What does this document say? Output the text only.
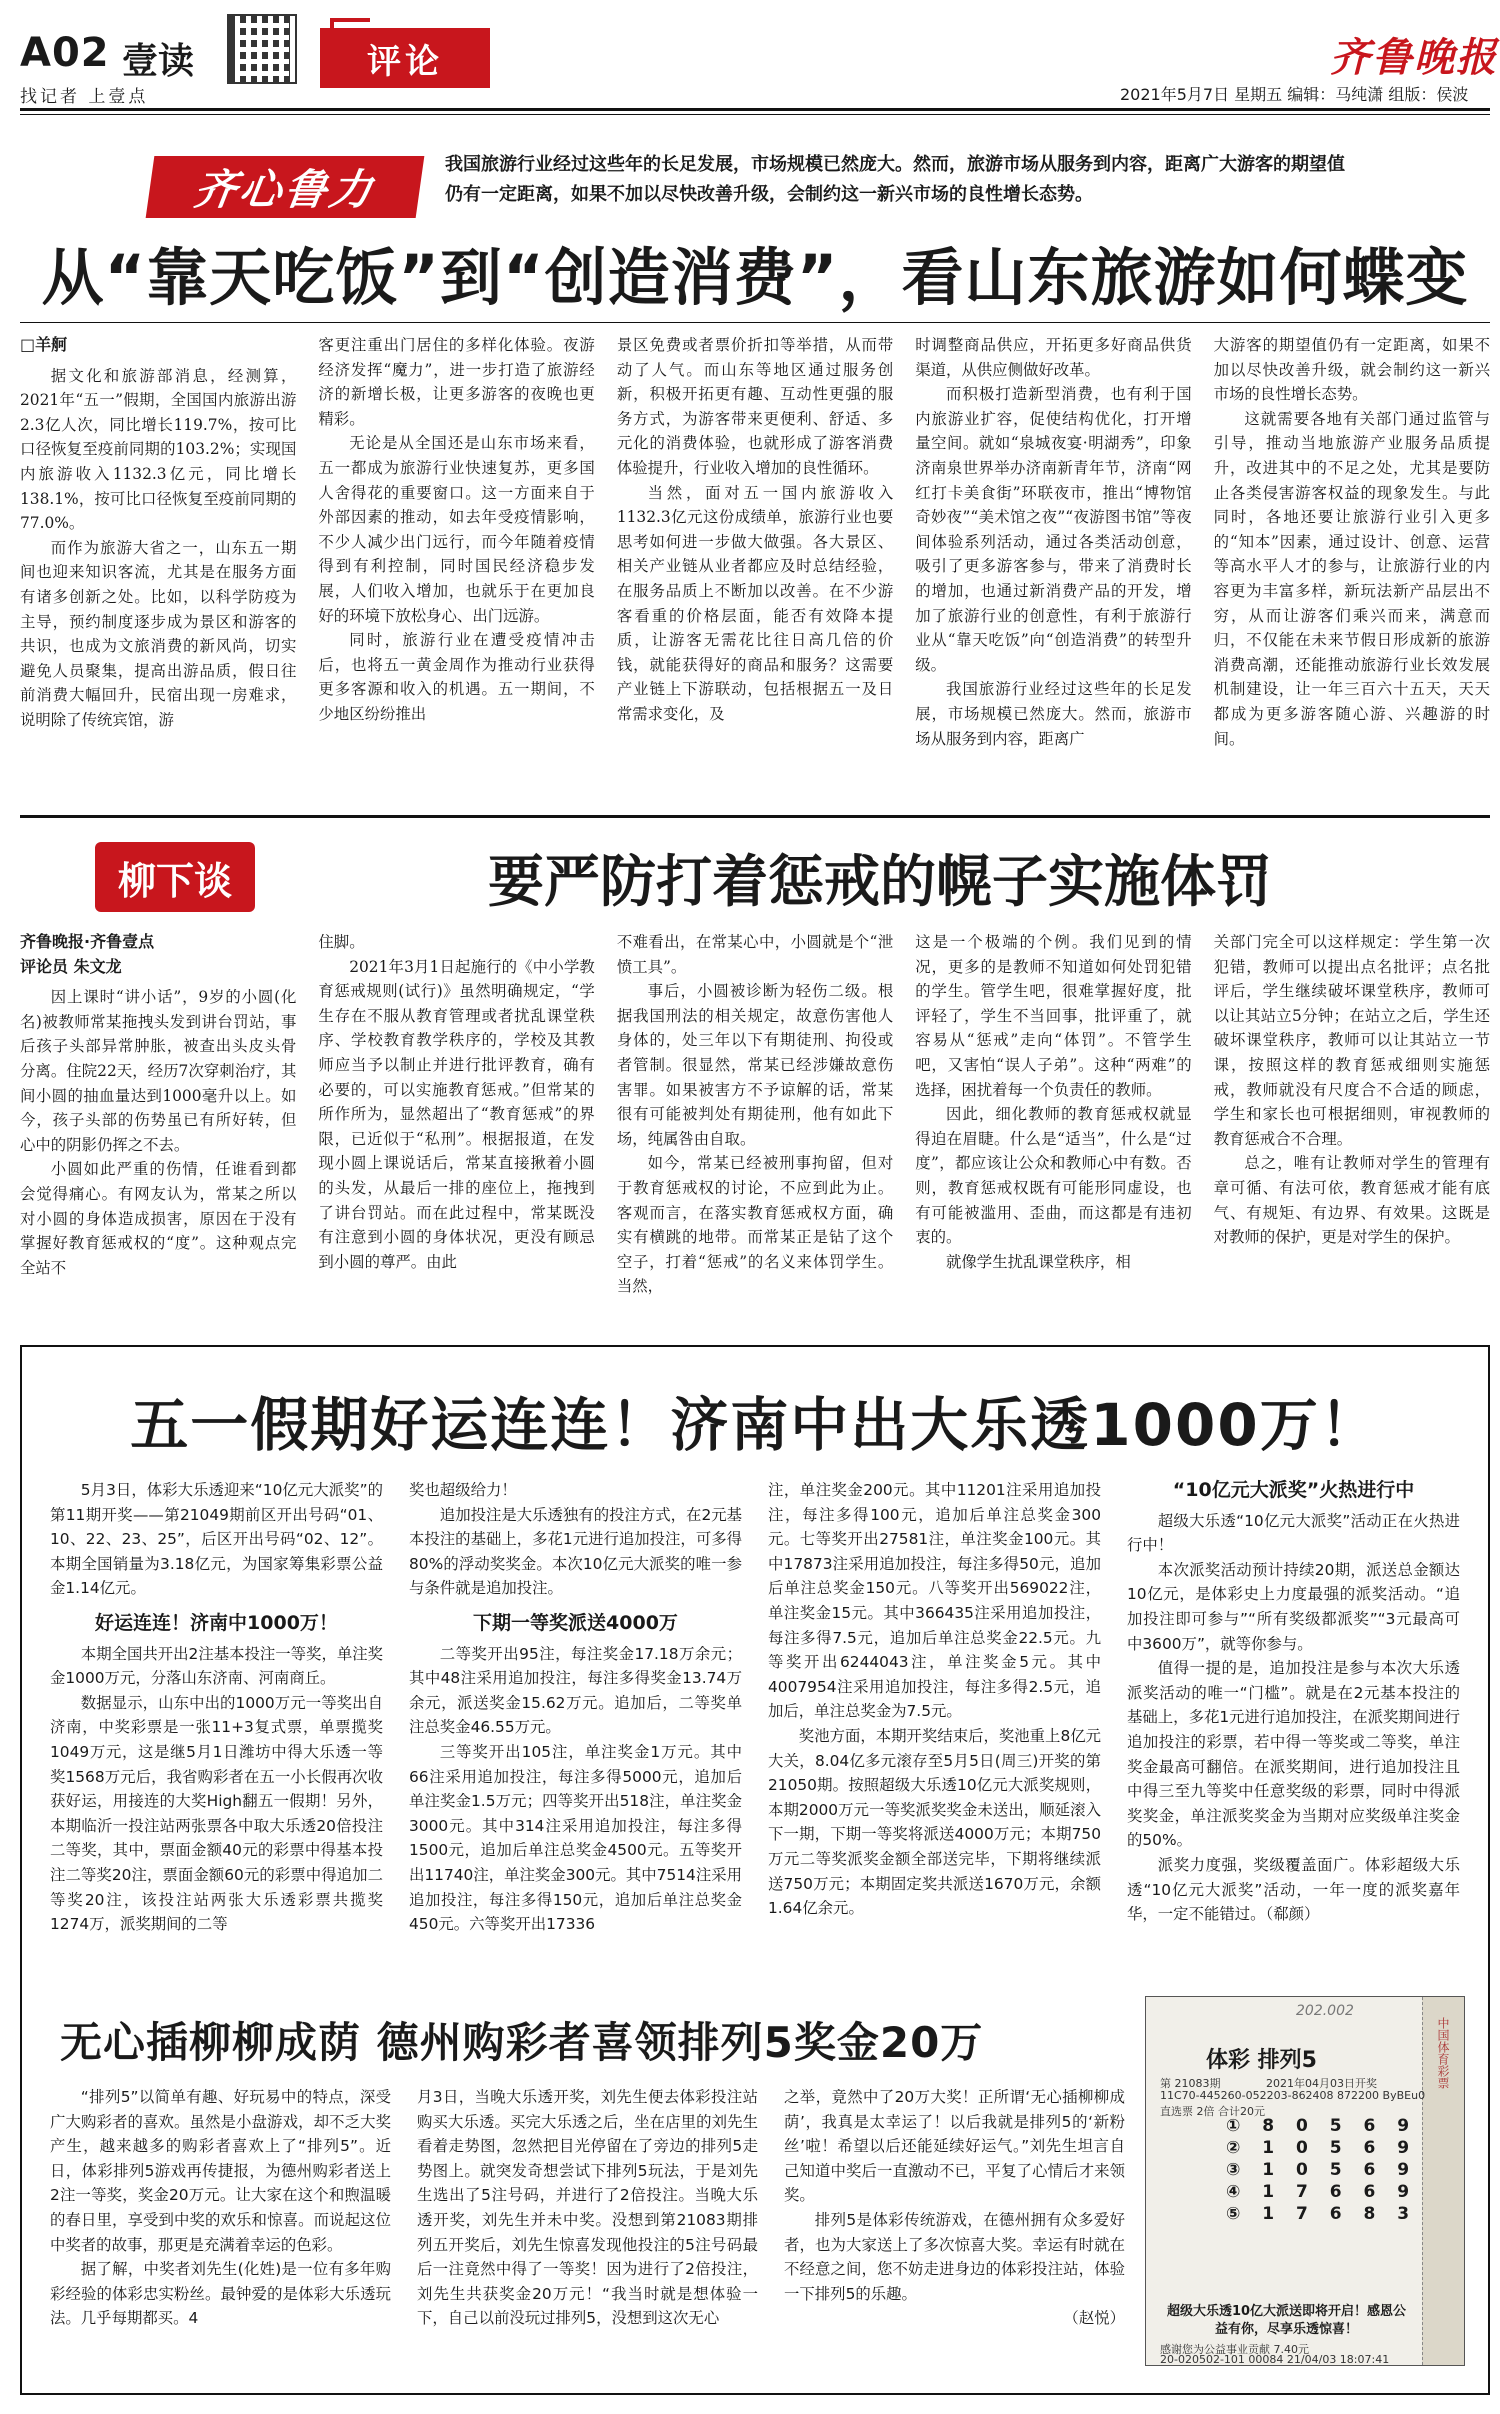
A02 壹读
找记者 上壹点
评论	齐鲁晚报
2021年5月7日 星期五 编辑：马纯潇 组版：侯波
齐心鲁力
我国旅游行业经过这些年的长足发展，市场规模已然庞大。然而，旅游市场从服务到内容，距离广大游客的期望值仍有一定距离，如果不加以尽快改善升级，会制约这一新兴市场的良性增长态势。
从“靠天吃饭”到“创造消费”，看山东旅游如何蝶变
□羊舸

据文化和旅游部消息，经测算，2021年“五一”假期，全国国内旅游出游2.3亿人次，同比增长119.7%，按可比口径恢复至疫前同期的103.2%；实现国内旅游收入1132.3亿元，同比增长138.1%，按可比口径恢复至疫前同期的77.0%。

而作为旅游大省之一，山东五一期间也迎来知识客流，尤其是在服务方面有诸多创新之处。比如，以科学防疫为主导，预约制度逐步成为景区和游客的共识，也成为文旅消费的新风尚，切实避免人员聚集，提高出游品质，假日往前消费大幅回升，民宿出现一房难求，说明除了传统宾馆，游

客更注重出门居住的多样化体验。夜游经济发挥“魔力”，进一步打造了旅游经济的新增长极，让更多游客的夜晚也更精彩。

无论是从全国还是山东市场来看，五一都成为旅游行业快速复苏，更多国人舍得花的重要窗口。这一方面来自于外部因素的推动，如去年受疫情影响，不少人减少出门远行，而今年随着疫情得到有利控制，同时国民经济稳步发展，人们收入增加，也就乐于在更加良好的环境下放松身心、出门远游。

同时，旅游行业在遭受疫情冲击后，也将五一黄金周作为推动行业获得更多客源和收入的机遇。五一期间，不少地区纷纷推出

景区免费或者票价折扣等举措，从而带动了人气。而山东等地区通过服务创新，积极开拓更有趣、互动性更强的服务方式，为游客带来更便利、舒适、多元化的消费体验，也就形成了游客消费体验提升，行业收入增加的良性循环。

当然，面对五一国内旅游收入1132.3亿元这份成绩单，旅游行业也要思考如何进一步做大做强。各大景区、相关产业链从业者都应及时总结经验，在服务品质上不断加以改善。在不少游客看重的价格层面，能否有效降本提质，让游客无需花比往日高几倍的价钱，就能获得好的商品和服务？这需要产业链上下游联动，包括根据五一及日常需求变化，及

时调整商品供应，开拓更多好商品供货渠道，从供应侧做好改革。

而积极打造新型消费，也有利于国内旅游业扩容，促使结构优化，打开增量空间。就如“泉城夜宴·明湖秀”，印象济南泉世界举办济南新青年节，济南“网红打卡美食街”环联夜市，推出“博物馆奇妙夜”“美术馆之夜”“夜游图书馆”等夜间体验系列活动，通过各类活动创意，吸引了更多游客参与，带来了消费时长的增加，也通过新消费产品的开发，增加了旅游行业的创意性，有利于旅游行业从“靠天吃饭”向“创造消费”的转型升级。

我国旅游行业经过这些年的长足发展，市场规模已然庞大。然而，旅游市场从服务到内容，距离广

大游客的期望值仍有一定距离，如果不加以尽快改善升级，就会制约这一新兴市场的良性增长态势。

这就需要各地有关部门通过监管与引导，推动当地旅游产业服务品质提升，改进其中的不足之处，尤其是要防止各类侵害游客权益的现象发生。与此同时，各地还要让旅游行业引入更多的“知本”因素，通过设计、创意、运营等高水平人才的参与，让旅游行业的内容更为丰富多样，新玩法新产品层出不穷，从而让游客们乘兴而来，满意而归，不仅能在未来节假日形成新的旅游消费高潮，还能推动旅游行业长效发展机制建设，让一年三百六十五天，天天都成为更多游客随心游、兴趣游的时间。

柳下谈	要严防打着惩戒的幌子实施体罚
齐鲁晚报·齐鲁壹点
评论员 朱文龙

因上课时“讲小话”，9岁的小圆(化名)被教师常某拖拽头发到讲台罚站，事后孩子头部异常肿胀，被查出头皮头骨分离。住院22天，经历7次穿刺治疗，其间小圆的抽血量达到1000毫升以上。如今，孩子头部的伤势虽已有所好转，但心中的阴影仍挥之不去。

小圆如此严重的伤情，任谁看到都会觉得痛心。有网友认为，常某之所以对小圆的身体造成损害，原因在于没有掌握好教育惩戒权的“度”。这种观点完全站不

住脚。

2021年3月1日起施行的《中小学教育惩戒规则(试行)》虽然明确规定，“学生存在不服从教育管理或者扰乱课堂秩序、学校教育教学秩序的，学校及其教师应当予以制止并进行批评教育，确有必要的，可以实施教育惩戒。”但常某的所作所为，显然超出了“教育惩戒”的界限，已近似于“私刑”。根据报道，在发现小圆上课说话后，常某直接揪着小圆的头发，从最后一排的座位上，拖拽到了讲台罚站。而在此过程中，常某既没有注意到小圆的身体状况，更没有顾忌到小圆的尊严。由此

不难看出，在常某心中，小圆就是个“泄愤工具”。

事后，小圆被诊断为轻伤二级。根据我国刑法的相关规定，故意伤害他人身体的，处三年以下有期徒刑、拘役或者管制。很显然，常某已经涉嫌故意伤害罪。如果被害方不予谅解的话，常某很有可能被判处有期徒刑，他有如此下场，纯属咎由自取。

如今，常某已经被刑事拘留，但对于教育惩戒权的讨论，不应到此为止。客观而言，在落实教育惩戒权方面，确实有横跳的地带。而常某正是钻了这个空子，打着“惩戒”的名义来体罚学生。当然，

这是一个极端的个例。我们见到的情况，更多的是教师不知道如何处罚犯错的学生。管学生吧，很难掌握好度，批评轻了，学生不当回事，批评重了，就容易从“惩戒”走向“体罚”。不管学生吧，又害怕“误人子弟”。这种“两难”的选择，困扰着每一个负责任的教师。

因此，细化教师的教育惩戒权就显得迫在眉睫。什么是“适当”，什么是“过度”，都应该让公众和教师心中有数。否则，教育惩戒权既有可能形同虚设，也有可能被滥用、歪曲，而这都是有违初衷的。

就像学生扰乱课堂秩序，相

关部门完全可以这样规定：学生第一次犯错，教师可以提出点名批评；点名批评后，学生继续破坏课堂秩序，教师可以让其站立5分钟；在站立之后，学生还破坏课堂秩序，教师可以让其站立一节课，按照这样的教育惩戒细则实施惩戒，教师就没有尺度合不合适的顾虑，学生和家长也可根据细则，审视教师的教育惩戒合不合理。

总之，唯有让教师对学生的管理有章可循、有法可依，教育惩戒才能有底气、有规矩、有边界、有效果。这既是对教师的保护，更是对学生的保护。

五一假期好运连连！济南中出大乐透1000万！

5月3日，体彩大乐透迎来“10亿元大派奖”的第11期开奖——第21049期前区开出号码“01、10、22、23、25”，后区开出号码“02、12”。本期全国销量为3.18亿元，为国家筹集彩票公益金1.14亿元。

好运连连！济南中1000万！

本期全国共开出2注基本投注一等奖，单注奖金1000万元，分落山东济南、河南商丘。

数据显示，山东中出的1000万元一等奖出自济南，中奖彩票是一张11+3复式票，单票揽奖1049万元，这是继5月1日潍坊中得大乐透一等奖1568万元后，我省购彩者在五一小长假再次收获好运，用接连的大奖High翻五一假期！另外，本期临沂一投注站两张票各中取大乐透20倍投注二等奖，其中，票面金额40元的彩票中得基本投注二等奖20注，票面金额60元的彩票中得追加二等奖20注，该投注站两张大乐透彩票共揽奖1274万，派奖期间的二等

奖也超级给力！

追加投注是大乐透独有的投注方式，在2元基本投注的基础上，多花1元进行追加投注，可多得80%的浮动奖奖金。本次10亿元大派奖的唯一参与条件就是追加投注。

下期一等奖派送4000万

二等奖开出95注，每注奖金17.18万余元；其中48注采用追加投注，每注多得奖金13.74万余元，派送奖金15.62万元。追加后，二等奖单注总奖金46.55万元。

三等奖开出105注，单注奖金1万元。其中66注采用追加投注，每注多得5000元，追加后单注奖金1.5万元；四等奖开出518注，单注奖金3000元。其中314注采用追加投注，每注多得1500元，追加后单注总奖金4500元。五等奖开出11740注，单注奖金300元。其中7514注采用追加投注，每注多得150元，追加后单注总奖金450元。六等奖开出17336

注，单注奖金200元。其中11201注采用追加投注，每注多得100元，追加后单注总奖金300元。七等奖开出27581注，单注奖金100元。其中17873注采用追加投注，每注多得50元，追加后单注总奖金150元。八等奖开出569022注，单注奖金15元。其中366435注采用追加投注，每注多得7.5元，追加后单注总奖金22.5元。九等奖开出6244043注，单注奖金5元。其中4007954注采用追加投注，每注多得2.5元，追加后，单注总奖金为7.5元。

奖池方面，本期开奖结束后，奖池重上8亿元大关，8.04亿多元滚存至5月5日(周三)开奖的第21050期。按照超级大乐透10亿元大派奖规则，本期2000万元一等奖派奖奖金未送出，顺延滚入下一期，下期一等奖将派送4000万元；本期750万元二等奖派奖金额全部送完毕，下期将继续派送750万元；本期固定奖共派送1670万元，余额1.64亿余元。

“10亿元大派奖”火热进行中

超级大乐透“10亿元大派奖”活动正在火热进行中！

本次派奖活动预计持续20期，派送总金额达10亿元，是体彩史上力度最强的派奖活动。“追加投注即可参与”“所有奖级都派奖”“3元最高可中3600万”，就等你参与。

值得一提的是，追加投注是参与本次大乐透派奖活动的唯一“门槛”。就是在2元基本投注的基础上，多花1元进行追加投注，在派奖期间进行追加投注的彩票，若中得一等奖或二等奖，单注奖金最高可翻倍。在派奖期间，进行追加投注且中得三至九等奖中任意奖级的彩票，同时中得派奖奖金，单注派奖奖金为当期对应奖级单注奖金的50%。

派奖力度强，奖级覆盖面广。体彩超级大乐透“10亿元大派奖”活动，一年一度的派奖嘉年华，一定不能错过。（郗颜）

无心插柳柳成荫 德州购彩者喜领排列5奖金20万

“排列5”以简单有趣、好玩易中的特点，深受广大购彩者的喜欢。虽然是小盘游戏，却不乏大奖产生，越来越多的购彩者喜欢上了“排列5”。近日，体彩排列5游戏再传捷报，为德州购彩者送上2注一等奖，奖金20万元。让大家在这个和煦温暖的春日里，享受到中奖的欢乐和惊喜。而说起这位中奖者的故事，那更是充满着幸运的色彩。

据了解，中奖者刘先生(化姓)是一位有多年购彩经验的体彩忠实粉丝。最钟爱的是体彩大乐透玩法。几乎每期都买。4

月3日，当晚大乐透开奖，刘先生便去体彩投注站购买大乐透。买完大乐透之后，坐在店里的刘先生看着走势图，忽然把目光停留在了旁边的排列5走势图上。就突发奇想尝试下排列5玩法，于是刘先生选出了5注号码，并进行了2倍投注。当晚大乐透开奖，刘先生并未中奖。没想到第21083期排列五开奖后，刘先生惊喜发现他投注的5注号码最后一注竟然中得了一等奖！因为进行了2倍投注，刘先生共获奖金20万元！“我当时就是想体验一下，自己以前没玩过排列5，没想到这次无心

之举，竟然中了20万大奖！正所谓‘无心插柳柳成荫’，我真是太幸运了！以后我就是排列5的‘新粉丝’啦！希望以后还能延续好运气。”刘先生坦言自己知道中奖后一直激动不已，平复了心情后才来领奖。

排列5是体彩传统游戏，在德州拥有众多爱好者，也为大家送上了多次惊喜大奖。幸运有时就在不经意之间，您不妨走进身边的体彩投注站，体验一下排列5的乐趣。

（赵悦）

中国体育彩票
202.002
体彩 排列5
第 21083期	2021年04月03日开奖
11C70-445260-052203-862408 872200 ByBEu0
直选票 2倍 合计20元
① 8 0 5 6 9
② 1 0 5 6 9
③ 1 0 5 6 9
④ 1 7 6 6 9
⑤ 1 7 6 8 3
超级大乐透10亿大派送即将开启！感恩公益有你，尽享乐透惊喜！
感谢您为公益事业贡献 7.40元
20-020502-101 00084 21/04/03 18:07:41
